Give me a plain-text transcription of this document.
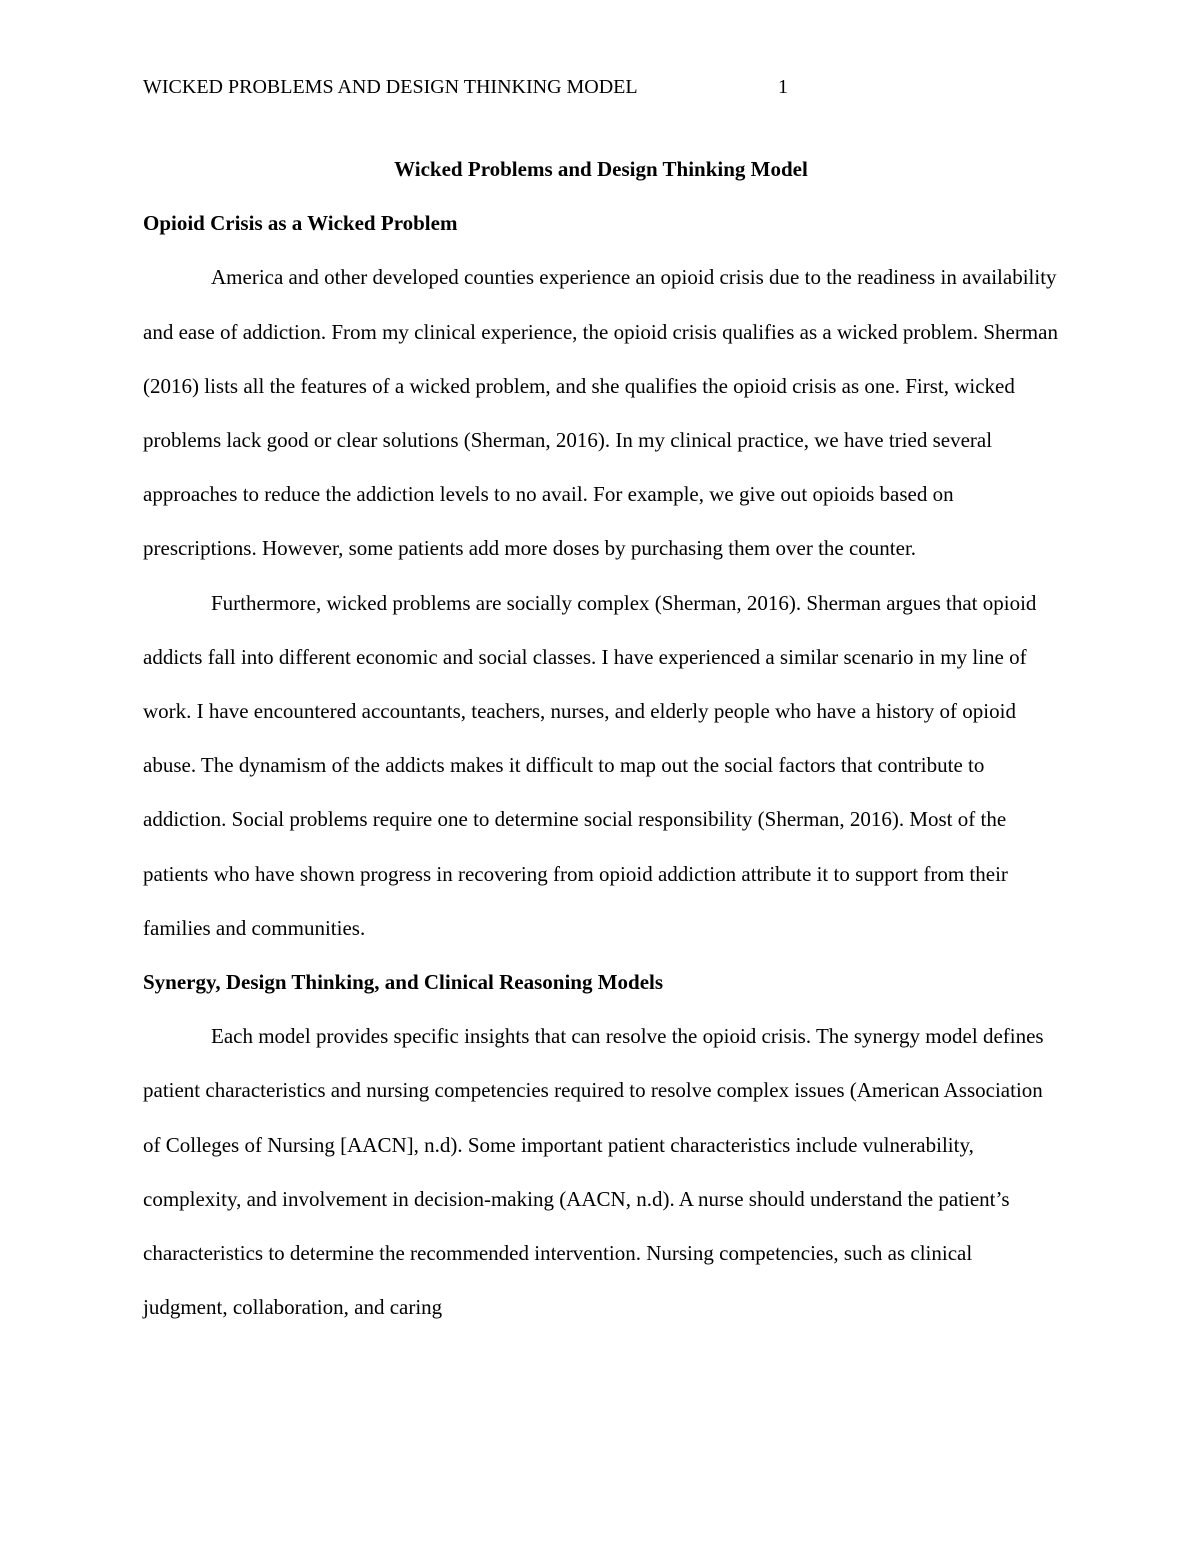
WICKED PROBLEMS AND DESIGN THINKING MODEL	1

Wicked Problems and Design Thinking Model

Opioid Crisis as a Wicked Problem

America and other developed counties experience an opioid crisis due to the readiness in availability and ease of addiction. From my clinical experience, the opioid crisis qualifies as a wicked problem. Sherman (2016) lists all the features of a wicked problem, and she qualifies the opioid crisis as one. First, wicked problems lack good or clear solutions (Sherman, 2016). In my clinical practice, we have tried several approaches to reduce the addiction levels to no avail. For example, we give out opioids based on prescriptions. However, some patients add more doses by purchasing them over the counter.

Furthermore, wicked problems are socially complex (Sherman, 2016). Sherman argues that opioid addicts fall into different economic and social classes. I have experienced a similar scenario in my line of work. I have encountered accountants, teachers, nurses, and elderly people who have a history of opioid abuse. The dynamism of the addicts makes it difficult to map out the social factors that contribute to addiction. Social problems require one to determine social responsibility (Sherman, 2016). Most of the patients who have shown progress in recovering from opioid addiction attribute it to support from their families and communities.

Synergy, Design Thinking, and Clinical Reasoning Models

Each model provides specific insights that can resolve the opioid crisis. The synergy model defines patient characteristics and nursing competencies required to resolve complex issues (American Association of Colleges of Nursing [AACN], n.d). Some important patient characteristics include vulnerability, complexity, and involvement in decision-making (AACN, n.d). A nurse should understand the patient’s characteristics to determine the recommended intervention. Nursing competencies, such as clinical judgment, collaboration, and caring
